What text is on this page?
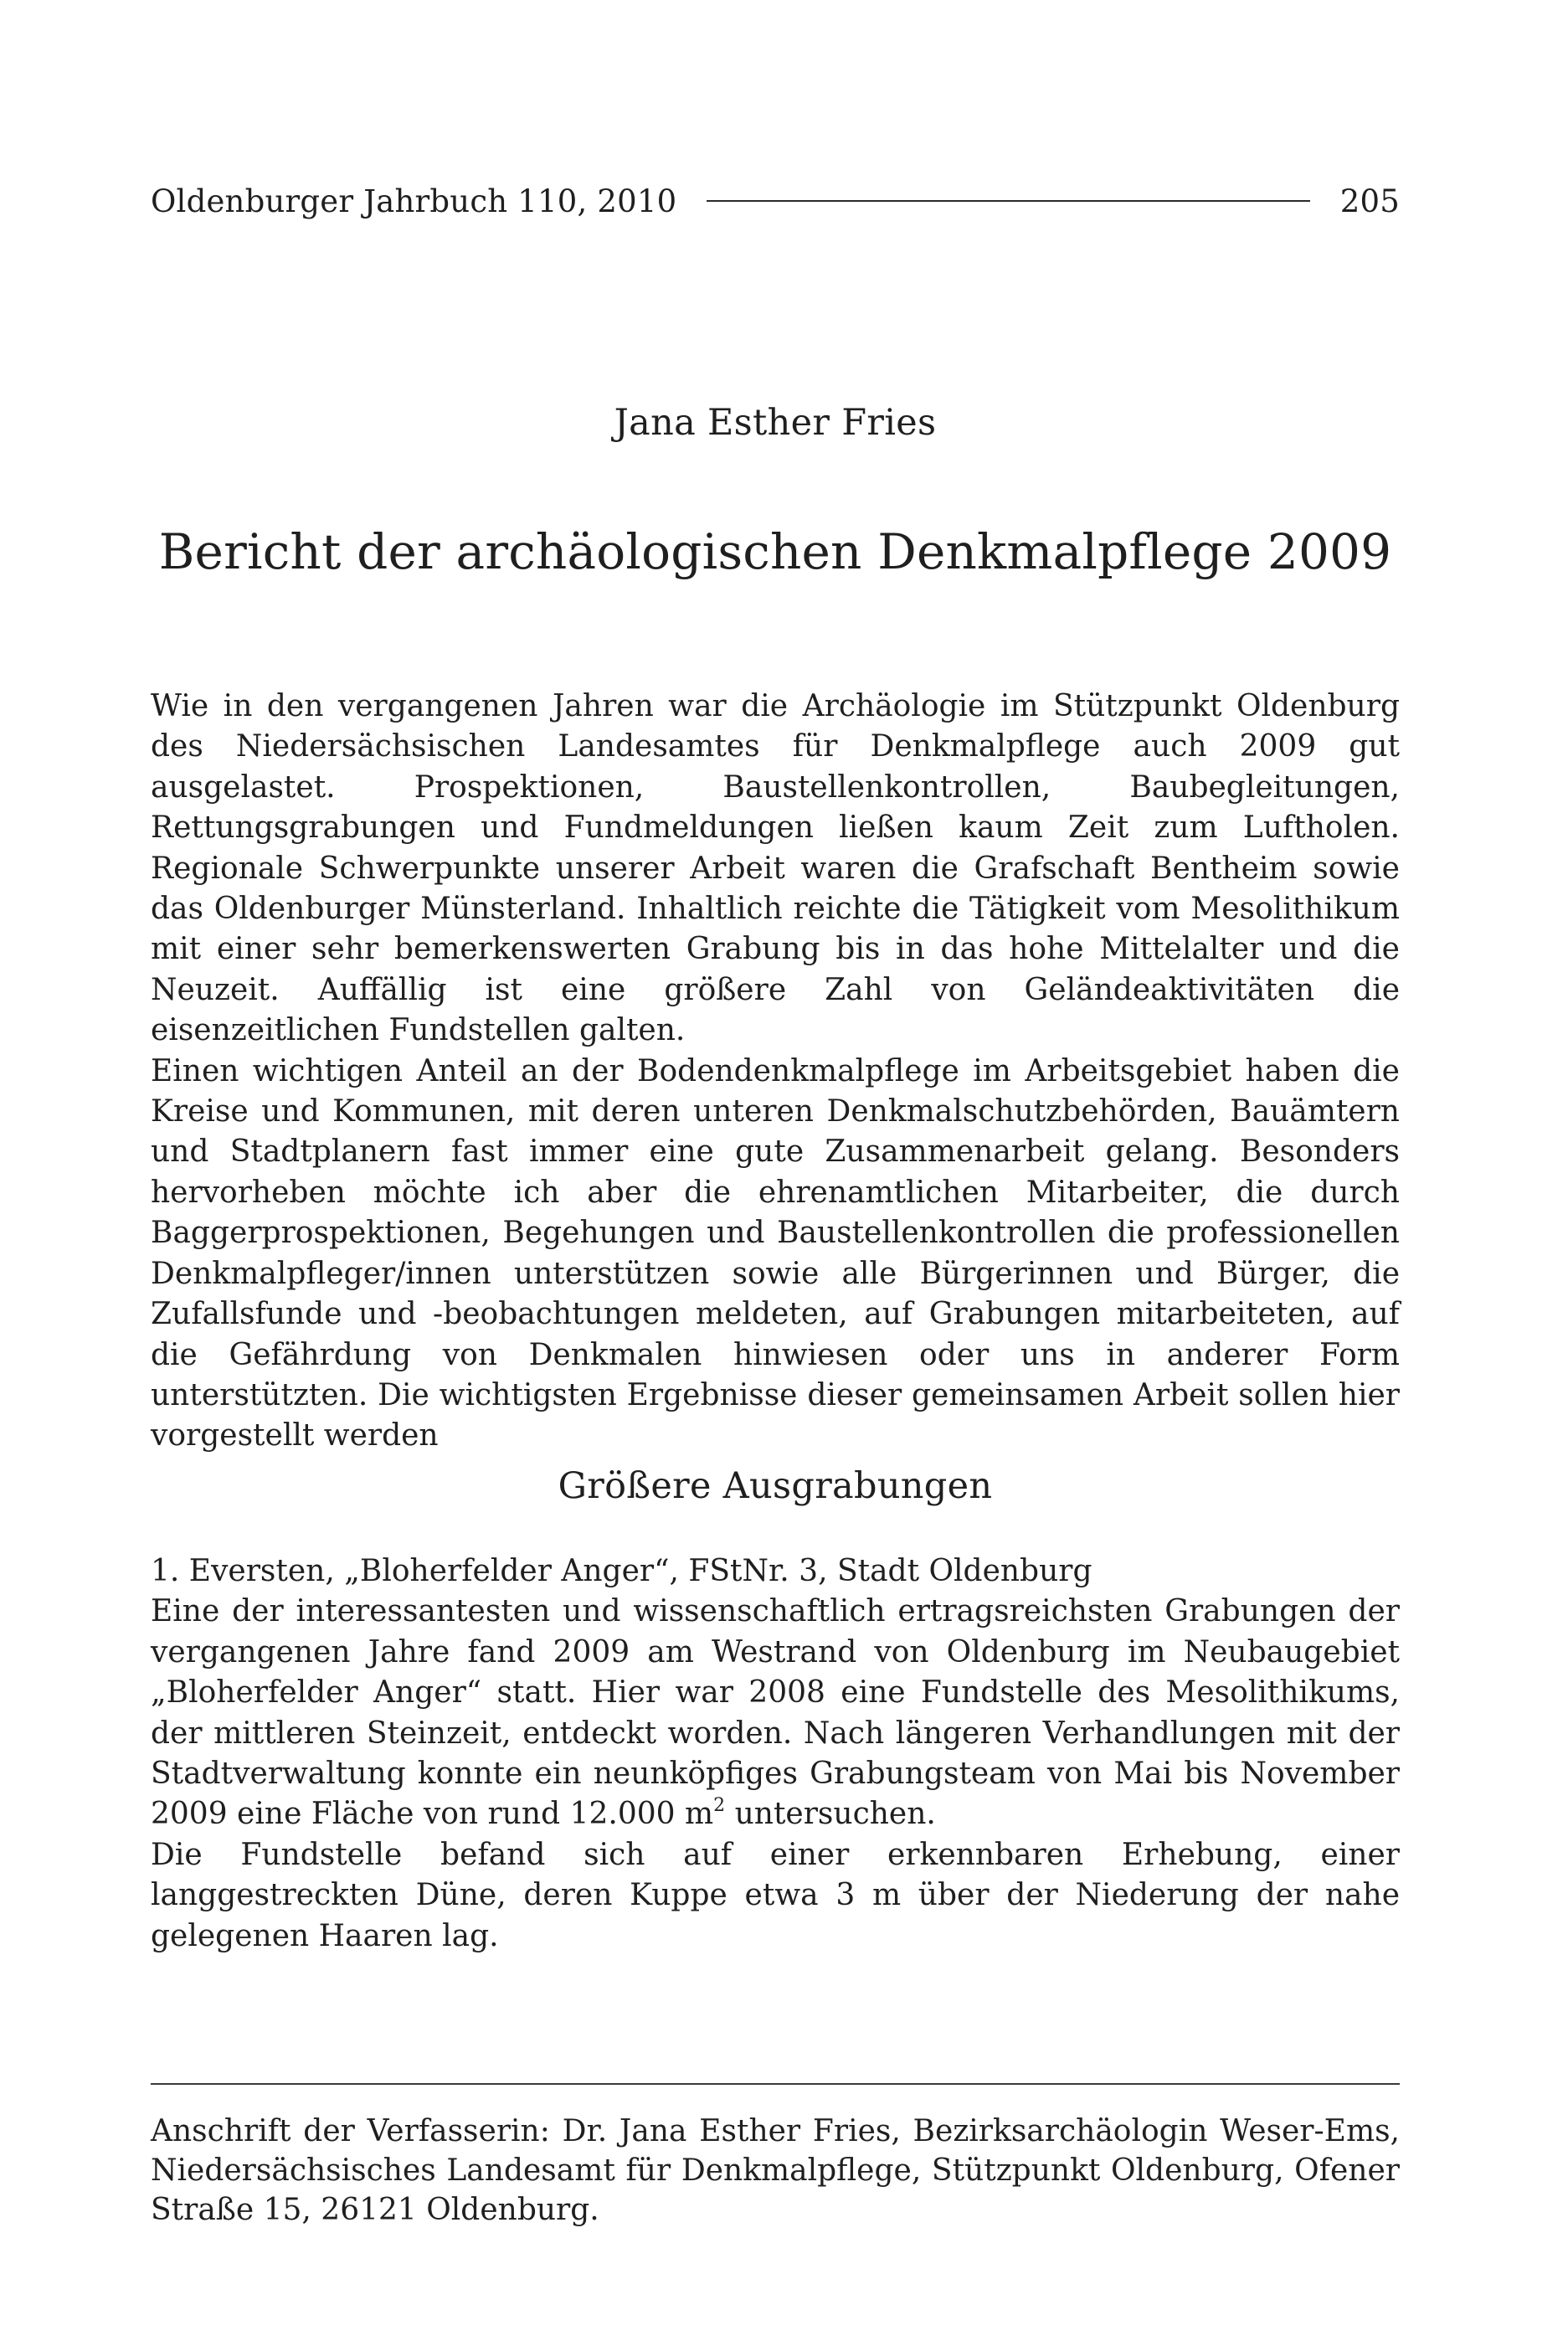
Oldenburger Jahrbuch 110, 2010	205
Jana Esther Fries
Bericht der archäologischen Denkmalpflege 2009

Wie in den vergangenen Jahren war die Archäologie im Stützpunkt Oldenburg des Niedersächsischen Landesamtes für Denkmalpflege auch 2009 gut ausgelastet. Prospektionen, Baustellenkontrollen, Baubegleitungen, Rettungsgrabungen und Fundmeldungen ließen kaum Zeit zum Luftholen. Regionale Schwerpunkte unserer Arbeit waren die Grafschaft Bentheim sowie das Oldenburger Münsterland. Inhaltlich reichte die Tätigkeit vom Mesolithikum mit einer sehr bemerkenswerten Grabung bis in das hohe Mittelalter und die Neuzeit. Auffällig ist eine größere Zahl von Geländeaktivitäten die eisenzeitlichen Fundstellen galten.

Einen wichtigen Anteil an der Bodendenkmalpflege im Arbeitsgebiet haben die Kreise und Kommunen, mit deren unteren Denkmalschutzbehörden, Bauämtern und Stadtplanern fast immer eine gute Zusammenarbeit gelang. Besonders hervorheben möchte ich aber die ehrenamtlichen Mitarbeiter, die durch Baggerprospektionen, Begehungen und Baustellenkontrollen die professionellen Denkmalpfleger/innen unterstützen sowie alle Bürgerinnen und Bürger, die Zufallsfunde und -beobachtungen meldeten, auf Grabungen mitarbeiteten, auf die Gefährdung von Denkmalen hinwiesen oder uns in anderer Form unterstützten. Die wichtigsten Ergebnisse dieser gemeinsamen Arbeit sollen hier vorgestellt werden

Größere Ausgrabungen

1. Eversten, „Bloherfelder Anger“, FStNr. 3, Stadt Oldenburg

Eine der interessantesten und wissenschaftlich ertragsreichsten Grabungen der vergangenen Jahre fand 2009 am Westrand von Oldenburg im Neubaugebiet „Bloherfelder Anger“ statt. Hier war 2008 eine Fundstelle des Mesolithikums, der mittleren Steinzeit, entdeckt worden. Nach längeren Verhandlungen mit der Stadtverwaltung konnte ein neunköpfiges Grabungsteam von Mai bis November 2009 eine Fläche von rund 12.000 $m^2$ untersuchen.

Die Fundstelle befand sich auf einer erkennbaren Erhebung, einer langgestreckten Düne, deren Kuppe etwa 3 m über der Niederung der nahe gelegenen Haaren lag.

Anschrift der Verfasserin: Dr. Jana Esther Fries, Bezirksarchäologin Weser-Ems, Niedersächsisches Landesamt für Denkmalpflege, Stützpunkt Oldenburg, Ofener Straße 15, 26121 Oldenburg.
